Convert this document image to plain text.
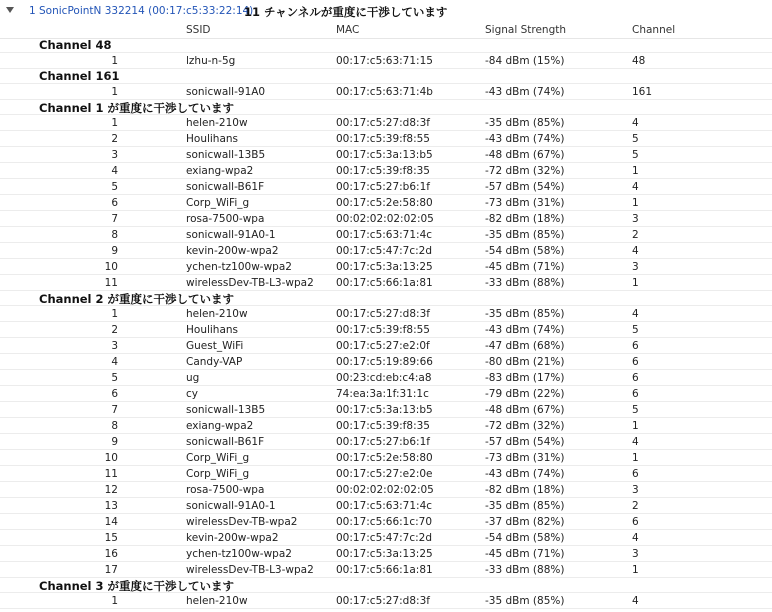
1 SonicPointN 332214 (00:17:c5:33:22:14)
11 チャンネルが重度に干渉しています
SSID	MAC	Signal Strength	Channel
Channel 48
1	lzhu-n-5g	00:17:c5:63:71:15	-84 dBm (15%)	48
Channel 161
1	sonicwall-91A0	00:17:c5:63:71:4b	-43 dBm (74%)	161
Channel 1 が重度に干渉しています
1	helen-210w	00:17:c5:27:d8:3f	-35 dBm (85%)	4
2	Houlihans	00:17:c5:39:f8:55	-43 dBm (74%)	5
3	sonicwall-13B5	00:17:c5:3a:13:b5	-48 dBm (67%)	5
4	exiang-wpa2	00:17:c5:39:f8:35	-72 dBm (32%)	1
5	sonicwall-B61F	00:17:c5:27:b6:1f	-57 dBm (54%)	4
6	Corp_WiFi_g	00:17:c5:2e:58:80	-73 dBm (31%)	1
7	rosa-7500-wpa	00:02:02:02:02:05	-82 dBm (18%)	3
8	sonicwall-91A0-1	00:17:c5:63:71:4c	-35 dBm (85%)	2
9	kevin-200w-wpa2	00:17:c5:47:7c:2d	-54 dBm (58%)	4
10	ychen-tz100w-wpa2	00:17:c5:3a:13:25	-45 dBm (71%)	3
11	wirelessDev-TB-L3-wpa2 00:17:c5:66:1a:81	-33 dBm (88%)	1
Channel 2 が重度に干渉しています
1	helen-210w	00:17:c5:27:d8:3f	-35 dBm (85%)	4
2	Houlihans	00:17:c5:39:f8:55	-43 dBm (74%)	5
3	Guest_WiFi	00:17:c5:27:e2:0f	-47 dBm (68%)	6
4	Candy-VAP	00:17:c5:19:89:66	-80 dBm (21%)	6
5	ug	00:23:cd:eb:c4:a8	-83 dBm (17%)	6
6	cy	74:ea:3a:1f:31:1c	-79 dBm (22%)	6
7	sonicwall-13B5	00:17:c5:3a:13:b5	-48 dBm (67%)	5
8	exiang-wpa2	00:17:c5:39:f8:35	-72 dBm (32%)	1
9	sonicwall-B61F	00:17:c5:27:b6:1f	-57 dBm (54%)	4
10	Corp_WiFi_g	00:17:c5:2e:58:80	-73 dBm (31%)	1
11	Corp_WiFi_g	00:17:c5:27:e2:0e	-43 dBm (74%)	6
12	rosa-7500-wpa	00:02:02:02:02:05	-82 dBm (18%)	3
13	sonicwall-91A0-1	00:17:c5:63:71:4c	-35 dBm (85%)	2
14	wirelessDev-TB-wpa2	00:17:c5:66:1c:70	-37 dBm (82%)	6
15	kevin-200w-wpa2	00:17:c5:47:7c:2d	-54 dBm (58%)	4
16	ychen-tz100w-wpa2	00:17:c5:3a:13:25	-45 dBm (71%)	3
17	wirelessDev-TB-L3-wpa2 00:17:c5:66:1a:81	-33 dBm (88%)	1
Channel 3 が重度に干渉しています
1	helen-210w	00:17:c5:27:d8:3f	-35 dBm (85%)	4
